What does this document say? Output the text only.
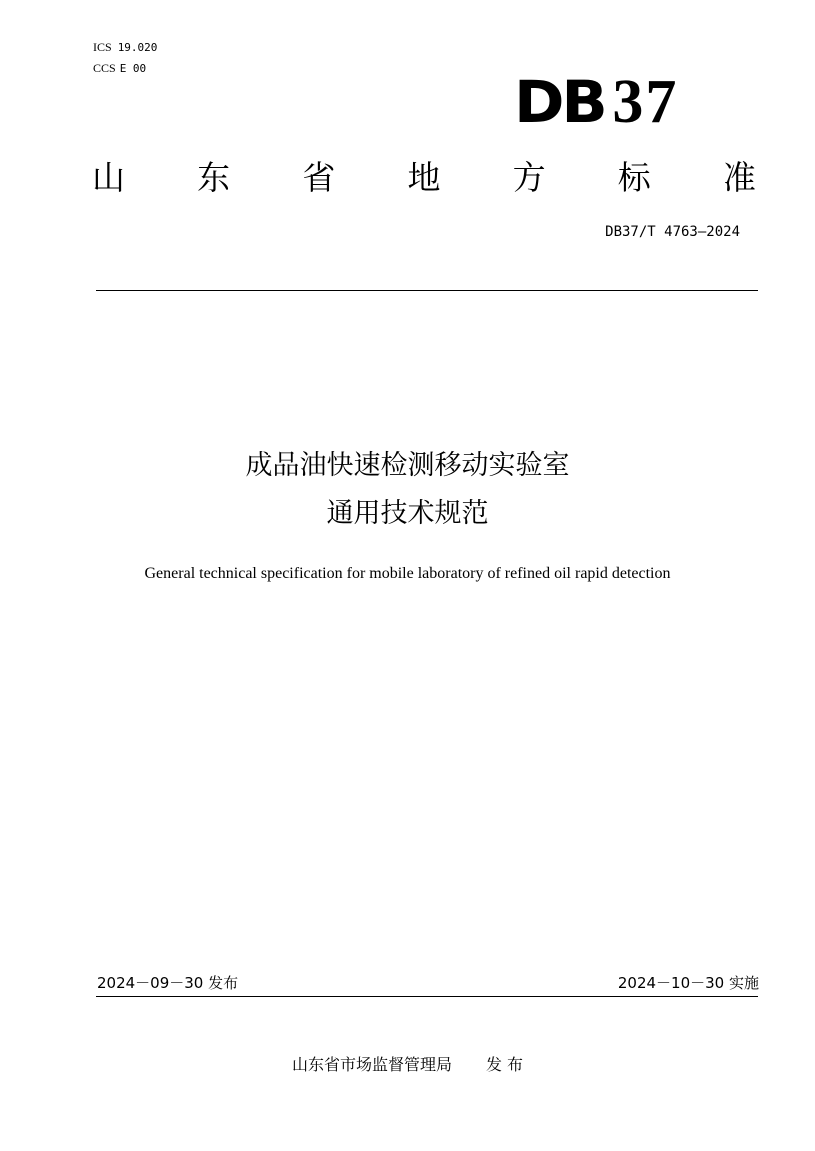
ICS 19.020
CCS E 00	DB 37
山 东 省 地 方 标 准
DB37/T 4763—2024
成品油快速检测移动实验室
通用技术规范
General technical specification for mobile laboratory of refined oil rapid detection
2024－09－30 发布	2024－10－30 实施
山东省市场监督管理局 发 布
